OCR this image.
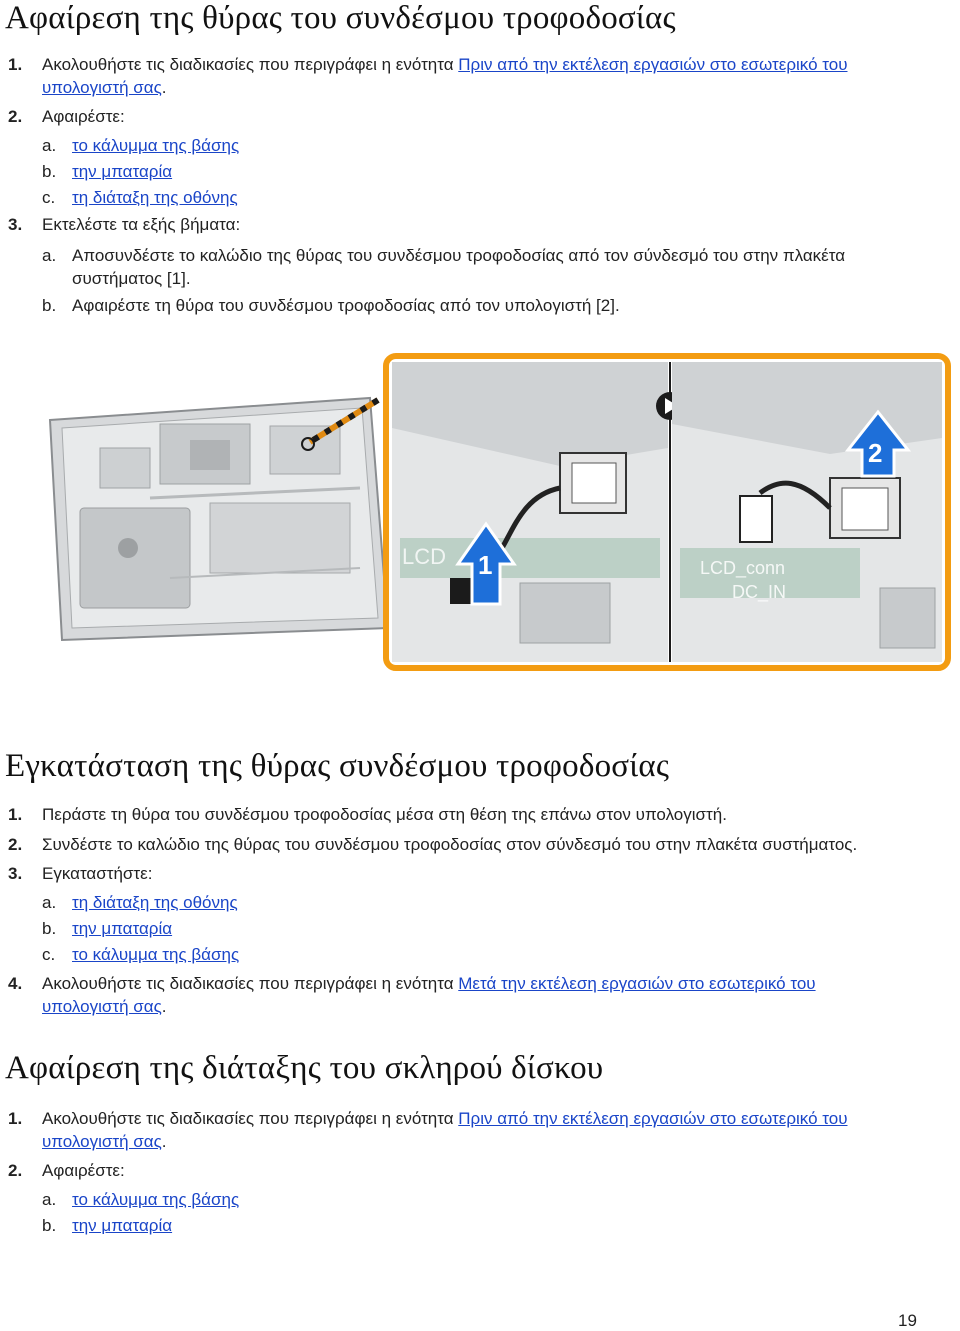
Αφαίρεση της θύρας του συνδέσμου τροφοδοσίας
1. Ακολουθήστε τις διαδικασίες που περιγράφει η ενότητα Πριν από την εκτέλεση εργασιών στο εσωτερικό του
υπολογιστή σας.
2. Αφαιρέστε:
a. το κάλυμμα της βάσης
b. την μπαταρία
c. τη διάταξη της οθόνης
3. Εκτελέστε τα εξής βήματα:
a. Αποσυνδέστε το καλώδιο της θύρας του συνδέσμου τροφοδοσίας από τον σύνδεσμό του στην πλακέτα
συστήματος [1].
b. Αφαιρέστε τη θύρα του συνδέσμου τροφοδοσίας από τον υπολογιστή [2].
LCD 1	LCD_conn
DC_IN
2
Εγκατάσταση της θύρας συνδέσμου τροφοδοσίας
1. Περάστε τη θύρα του συνδέσμου τροφοδοσίας μέσα στη θέση της επάνω στον υπολογιστή.
2. Συνδέστε το καλώδιο της θύρας του συνδέσμου τροφοδοσίας στον σύνδεσμό του στην πλακέτα συστήματος.
3. Εγκαταστήστε:
a. τη διάταξη της οθόνης
b. την μπαταρία
c. το κάλυμμα της βάσης
4. Ακολουθήστε τις διαδικασίες που περιγράφει η ενότητα Μετά την εκτέλεση εργασιών στο εσωτερικό του
υπολογιστή σας.
Αφαίρεση της διάταξης του σκληρού δίσκου
1. Ακολουθήστε τις διαδικασίες που περιγράφει η ενότητα Πριν από την εκτέλεση εργασιών στο εσωτερικό του
υπολογιστή σας.
2. Αφαιρέστε:
a. το κάλυμμα της βάσης
b. την μπαταρία
19
